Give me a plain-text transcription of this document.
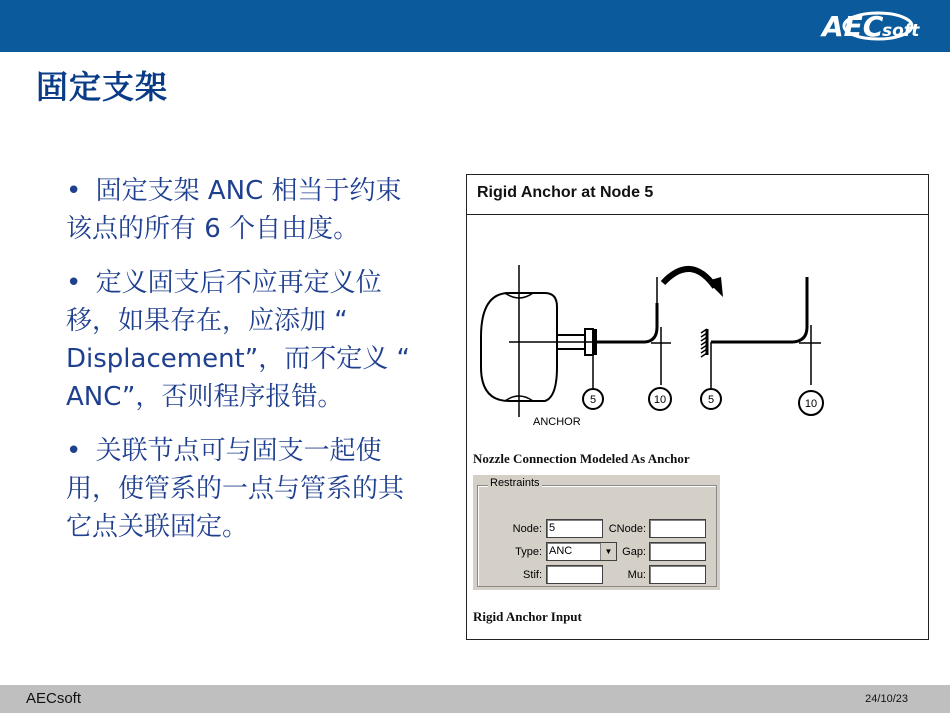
AEC
soft
固定支架
• 固定支架 ANC 相当于约束该点的所有 6 个自由度。
• 定义固支后不应再定义位移，如果存在，应添加 “ Displacement”，而不定义 “ ANC”，否则程序报错。
• 关联节点可与固支一起使用，使管系的一点与管系的其它点关联固定。
Rigid Anchor at Node 5
5	10
ANCHOR
5	10
Nozzle Connection Modeled As Anchor
Restraints
Node: 5	CNode:
Type: ANC	▼ Gap:
Stif:	Mu:
Rigid Anchor Input
AECsoft	24/10/23
